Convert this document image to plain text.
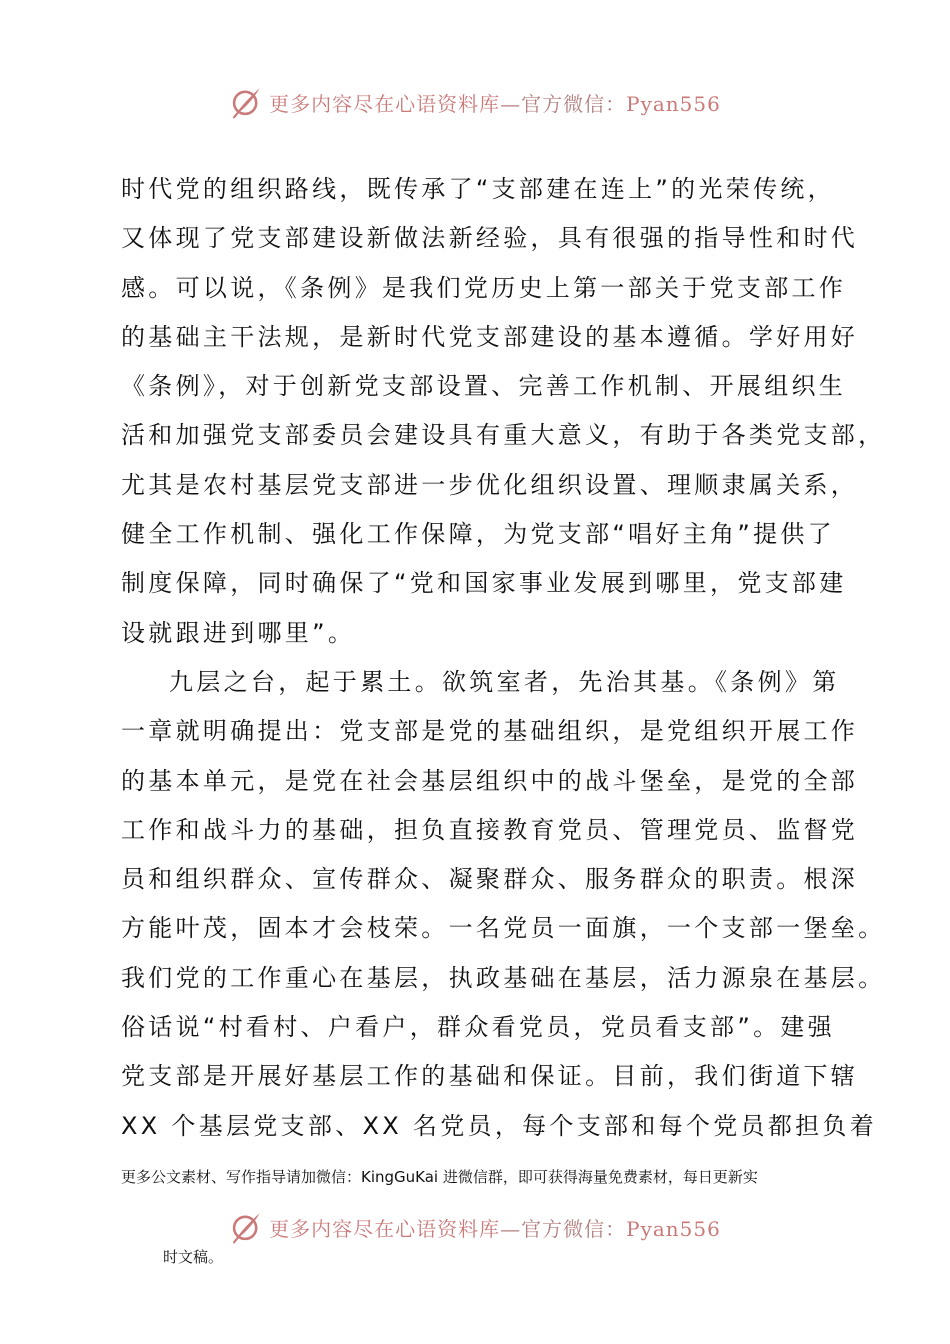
更多内容尽在心语资料库—官方微信：Pyan556
时代党的组织路线，既传承了“支部建在连上”的光荣传统，
又体现了党支部建设新做法新经验，具有很强的指导性和时代
感。可以说，《条例》是我们党历史上第一部关于党支部工作
的基础主干法规，是新时代党支部建设的基本遵循。学好用好
《条例》，对于创新党支部设置、完善工作机制、开展组织生
活和加强党支部委员会建设具有重大意义，有助于各类党支部，
尤其是农村基层党支部进一步优化组织设置、理顺隶属关系，
健全工作机制、强化工作保障，为党支部“唱好主角”提供了
制度保障，同时确保了“党和国家事业发展到哪里，党支部建
设就跟进到哪里”。
九层之台，起于累土。欲筑室者，先治其基。《条例》第
一章就明确提出：党支部是党的基础组织，是党组织开展工作
的基本单元，是党在社会基层组织中的战斗堡垒，是党的全部
工作和战斗力的基础，担负直接教育党员、管理党员、监督党
员和组织群众、宣传群众、凝聚群众、服务群众的职责。根深
方能叶茂，固本才会枝荣。一名党员一面旗，一个支部一堡垒。
我们党的工作重心在基层，执政基础在基层，活力源泉在基层。
俗话说“村看村、户看户，群众看党员，党员看支部”。建强
党支部是开展好基层工作的基础和保证。目前，我们街道下辖
XX 个基层党支部、XX 名党员，每个支部和每个党员都担负着
更多公文素材、写作指导请加微信：KingGuKai 进微信群，即可获得海量免费素材，每日更新实
更多内容尽在心语资料库—官方微信：Pyan556
时文稿。
